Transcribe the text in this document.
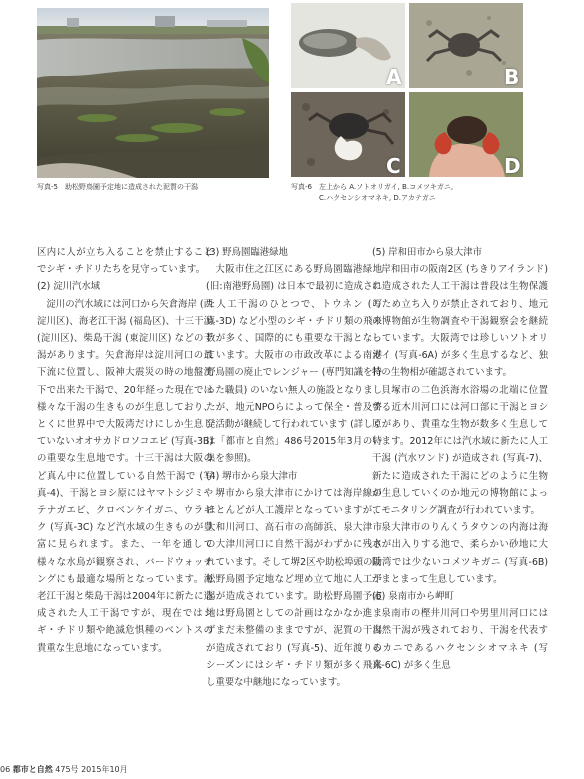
写真-5　助松野鳥園予定地に造成された泥質の干潟
A	B
C	D
写真-6　左上から A.ソトオリガイ, B.コメツキガニ,
　　　　C.ハクセンシオマネキ, D.アカテガニ

区内に人が立ち入ることを禁止することでシギ・チドリたちを見守っています。

(2) 淀川汽水域

淀川の汽水域には河口から矢倉海岸 (西淀川区)、海老江干潟 (福島区)、十三干潟 (淀川区)、柴島干潟 (東淀川区) などの干潟があります。矢倉海岸は淀川河口の最下流に位置し、阪神大震災の時の地盤沈下で出来た干潟で、20年経った現在では様々な干潟の生きものが生息しており、とくに世界中で大阪湾だけにしか生息していないオオサカドロソコエビ (写真-3B) の重要な生息地です。十三干潟は大阪のど真ん中に位置している自然干潟で (写真-4)、干潟とヨシ原にはヤマトシジミやテナガエビ、クロベンケイガニ、ウラギク (写真-3C) など汽水域の生きものが豊富に見られます。また、一年を通して様々な水鳥が観察され、バードウォッチングにも最適な場所となっています。海老江干潟と柴島干潟は2004年に新たに造成された人工干潟ですが、現在ではシギ・チドリ類や絶滅危惧種のベントスの貴重な生息地になっています。

(3) 野鳥園臨港緑地

大阪市住之江区にある野鳥園臨港緑地 (旧:南港野鳥園) は日本で最初に造成された人工干潟のひとつで、トウネン (写真-3D) など小型のシギ・チドリ類の飛来数が多く、国際的にも重要な干潟となっています。大阪市の市政改革による南港野鳥園の廃止でレンジャー (専門知識を持った職員) のいない無人の施設となりましたが、地元NPOらによって保全・普及啓発活動が継続して行われています (詳しくは「都市と自然」486号2015年3月の特集を参照)。

(4) 堺市から泉大津市

堺市から泉大津市にかけては海岸線のほとんどが人工護岸となっていますが、大和川河口、高石市の高師浜、泉大津市の大津川河口に自然干潟がわずかに残されています。そして堺2区や助松埠頭の助松野鳥園予定地など埋め立て地に人工干潟が造成されています。助松野鳥園予定地は野鳥園としての計画はなかなか進まずまだ未整備のままですが、泥質の干潟が造成されており (写真-5)、近年渡りのシーズンにはシギ・チドリ類が多く飛来し重要な中継地になっています。

(5) 岸和田市から泉大津市

岸和田市の阪南2区 (ちきりアイランド) に造成された人工干潟は普段は生物保護のため立ち入りが禁止されており、地元の博物館が生物調査や干潟観察会を継続しています。大阪湾では珍しいソトオリガイ (写真-6A) が多く生息するなど、独特の生物相が確認されています。

貝塚市の二色浜海水浴場の北端に位置する近木川河口には河口部に干潟とヨシ原があり、貴重な生物が数多く生息しています。2012年には汽水域に新たに人工干潟 (汽水ワンド) が造成され (写真-7)、新たに造成された干潟にどのように生物が生息していくのか地元の博物館によってモニタリング調査が行われています。

泉大津市のりんくうタウンの内海は海水が出入りする池で、柔らかい砂地に大阪湾では少ないコメツキガニ (写真-6B) がまとまって生息しています。

(6) 泉南市から岬町

泉南市の樫井川河口や男里川河口には自然干潟が残されており、干潟を代表するカニであるハクセンシオマネキ (写真-6C) が多く生息

06 都市と自然 475号 2015年10月
